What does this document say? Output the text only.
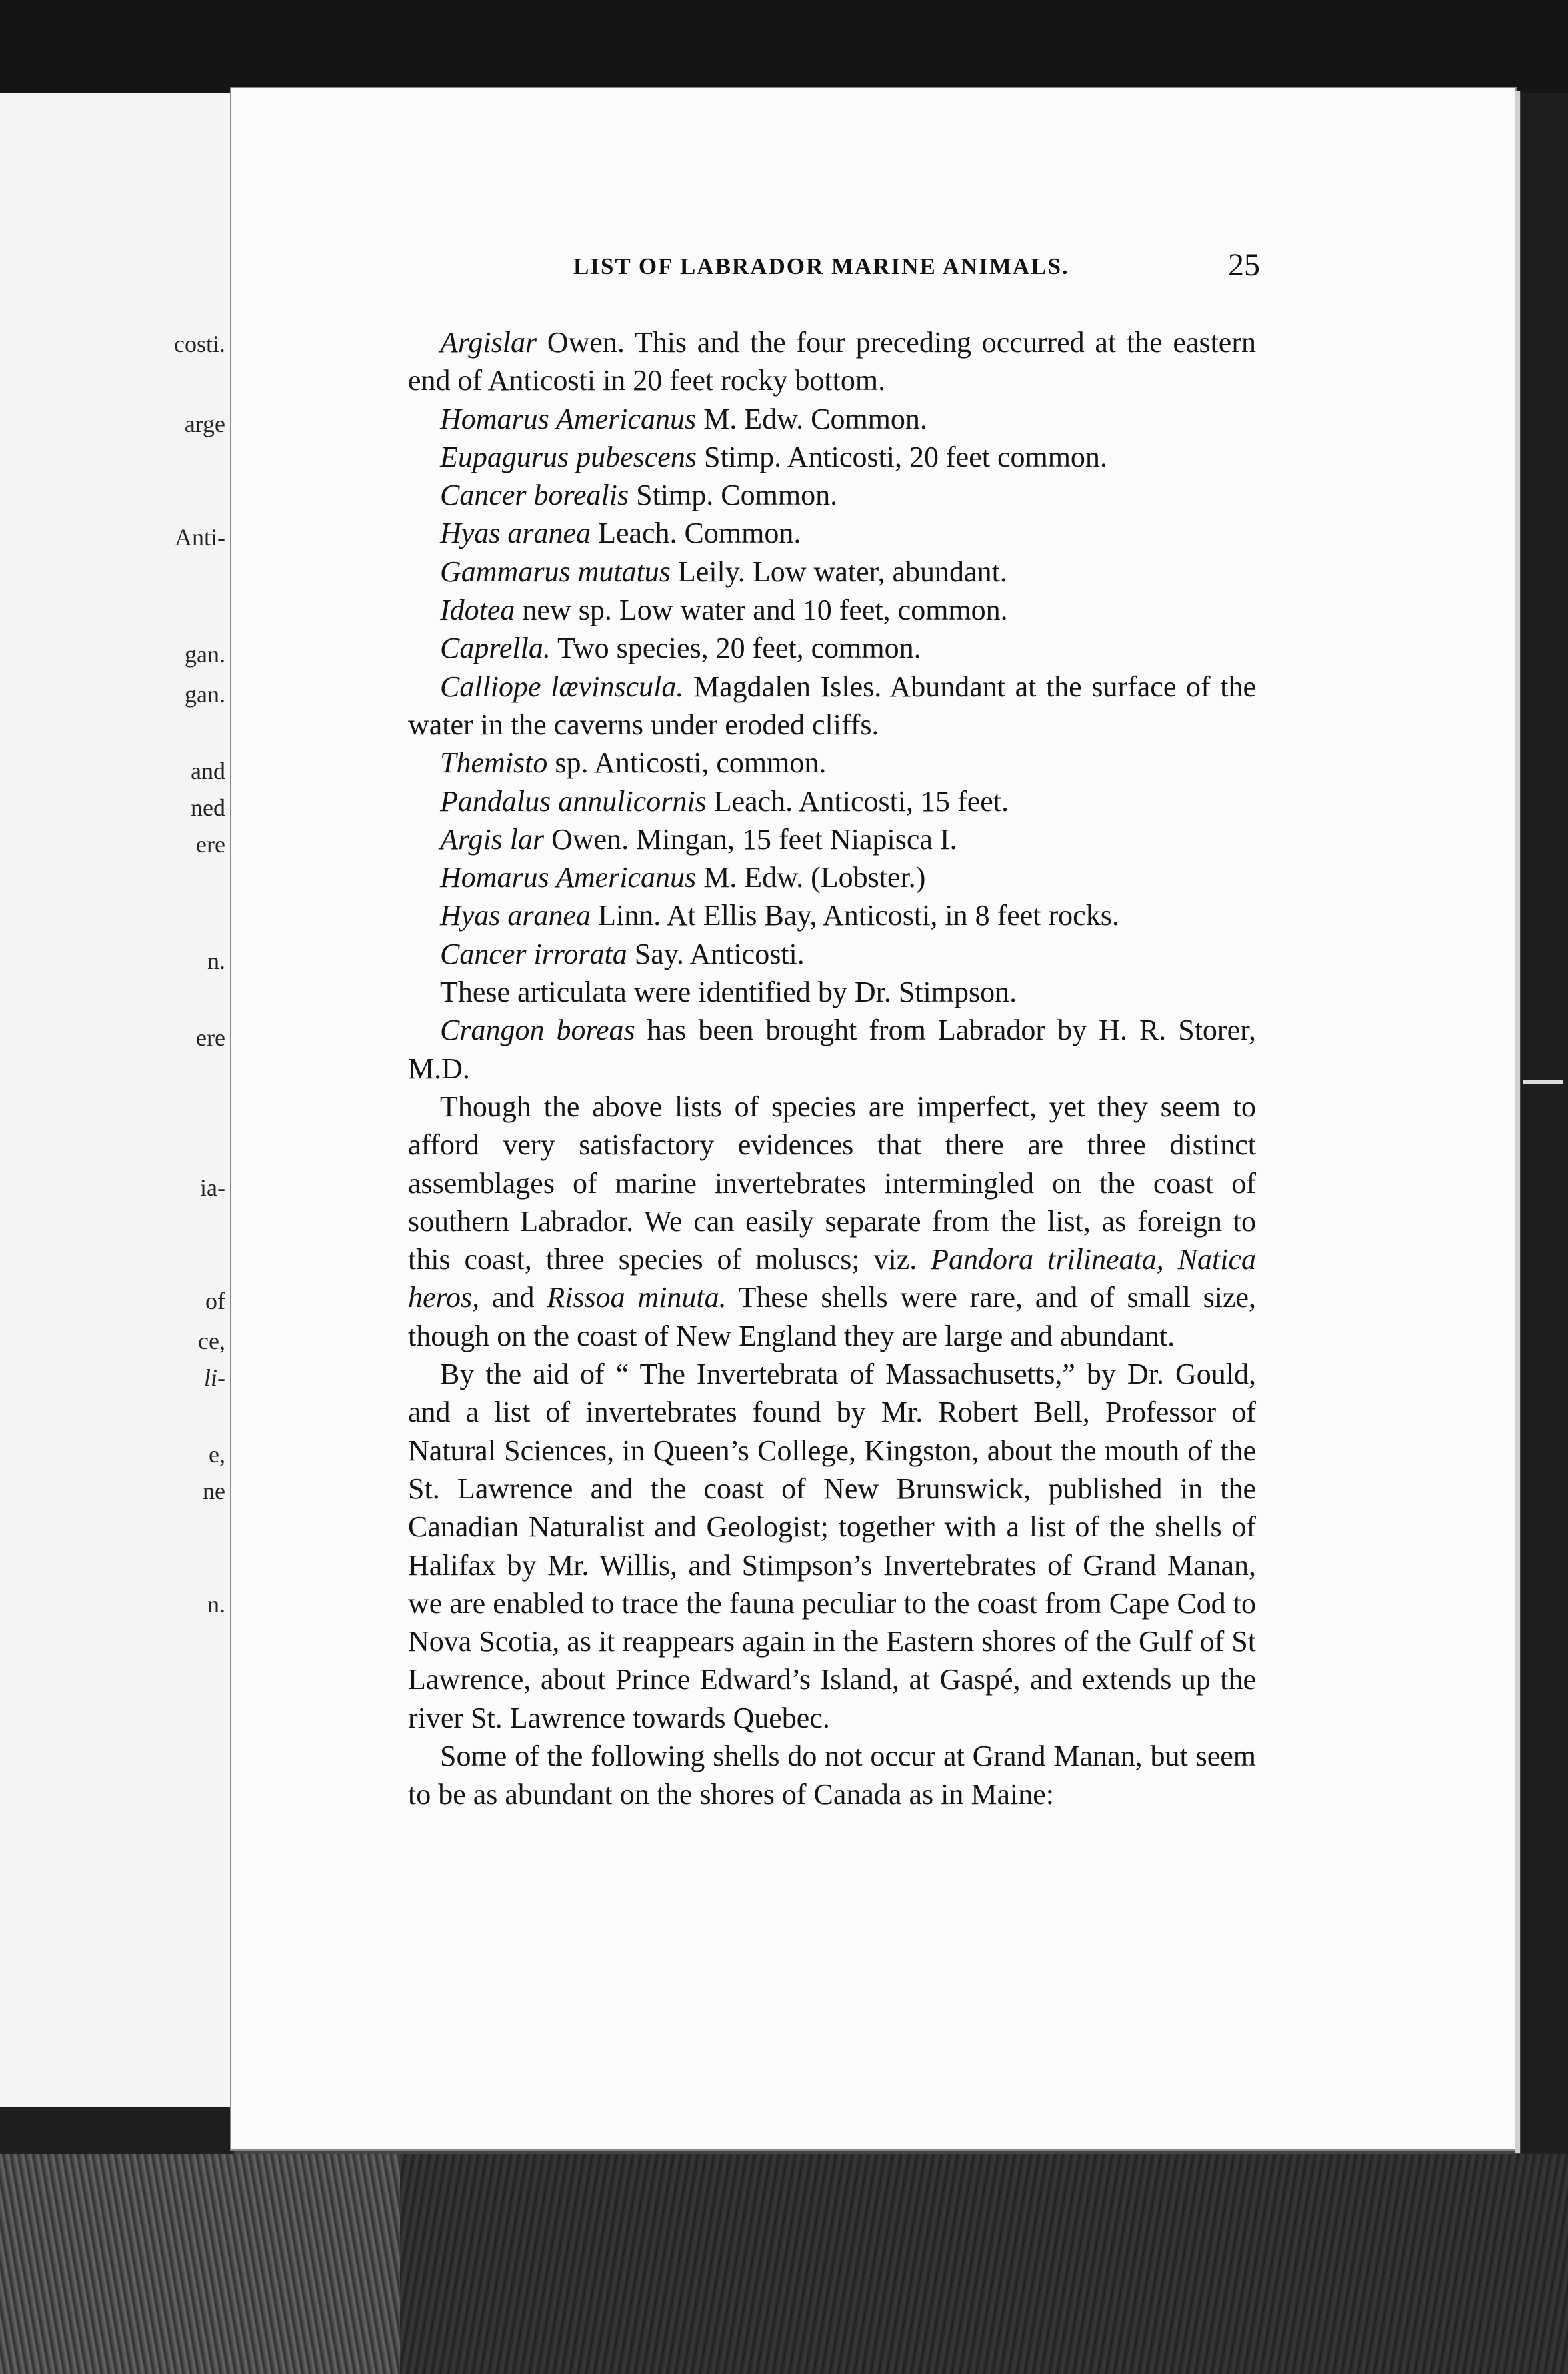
costi.
arge
Anti-
gan.
gan.
and
ned
ere
n.
ere
ia-
of
ce,
li-
e,
ne
n.
LIST OF LABRADOR MARINE ANIMALS.	25

Argislar Owen. This and the four preceding occurred at the eastern end of Anticosti in 20 feet rocky bottom.

Homarus Americanus M. Edw. Common.

Eupagurus pubescens Stimp. Anticosti, 20 feet common.

Cancer borealis Stimp. Common.

Hyas aranea Leach. Common.

Gammarus mutatus Leily. Low water, abundant.

Idotea new sp. Low water and 10 feet, common.

Caprella. Two species, 20 feet, common.

Calliope lævinscula. Magdalen Isles. Abundant at the surface of the water in the caverns under eroded cliffs.

Themisto sp. Anticosti, common.

Pandalus annulicornis Leach. Anticosti, 15 feet.

Argis lar Owen. Mingan, 15 feet Niapisca I.

Homarus Americanus M. Edw. (Lobster.)

Hyas aranea Linn. At Ellis Bay, Anticosti, in 8 feet rocks.

Cancer irrorata Say. Anticosti.

These articulata were identified by Dr. Stimpson.

Crangon boreas has been brought from Labrador by H. R. Storer, M.D.

Though the above lists of species are imperfect, yet they seem to afford very satisfactory evidences that there are three distinct assemblages of marine invertebrates intermingled on the coast of southern Labrador. We can easily separate from the list, as foreign to this coast, three species of moluscs; viz. Pandora trilineata, Natica heros, and Rissoa minuta. These shells were rare, and of small size, though on the coast of New England they are large and abundant.

By the aid of “ The Invertebrata of Massachusetts,” by Dr. Gould, and a list of invertebrates found by Mr. Robert Bell, Professor of Natural Sciences, in Queen’s College, Kingston, about the mouth of the St. Lawrence and the coast of New Brunswick, published in the Canadian Naturalist and Geologist; together with a list of the shells of Halifax by Mr. Willis, and Stimpson’s Invertebrates of Grand Manan, we are enabled to trace the fauna peculiar to the coast from Cape Cod to Nova Scotia, as it reappears again in the Eastern shores of the Gulf of St Lawrence, about Prince Edward’s Island, at Gaspé, and extends up the river St. Lawrence towards Quebec.

Some of the following shells do not occur at Grand Manan, but seem to be as abundant on the shores of Canada as in Maine:
